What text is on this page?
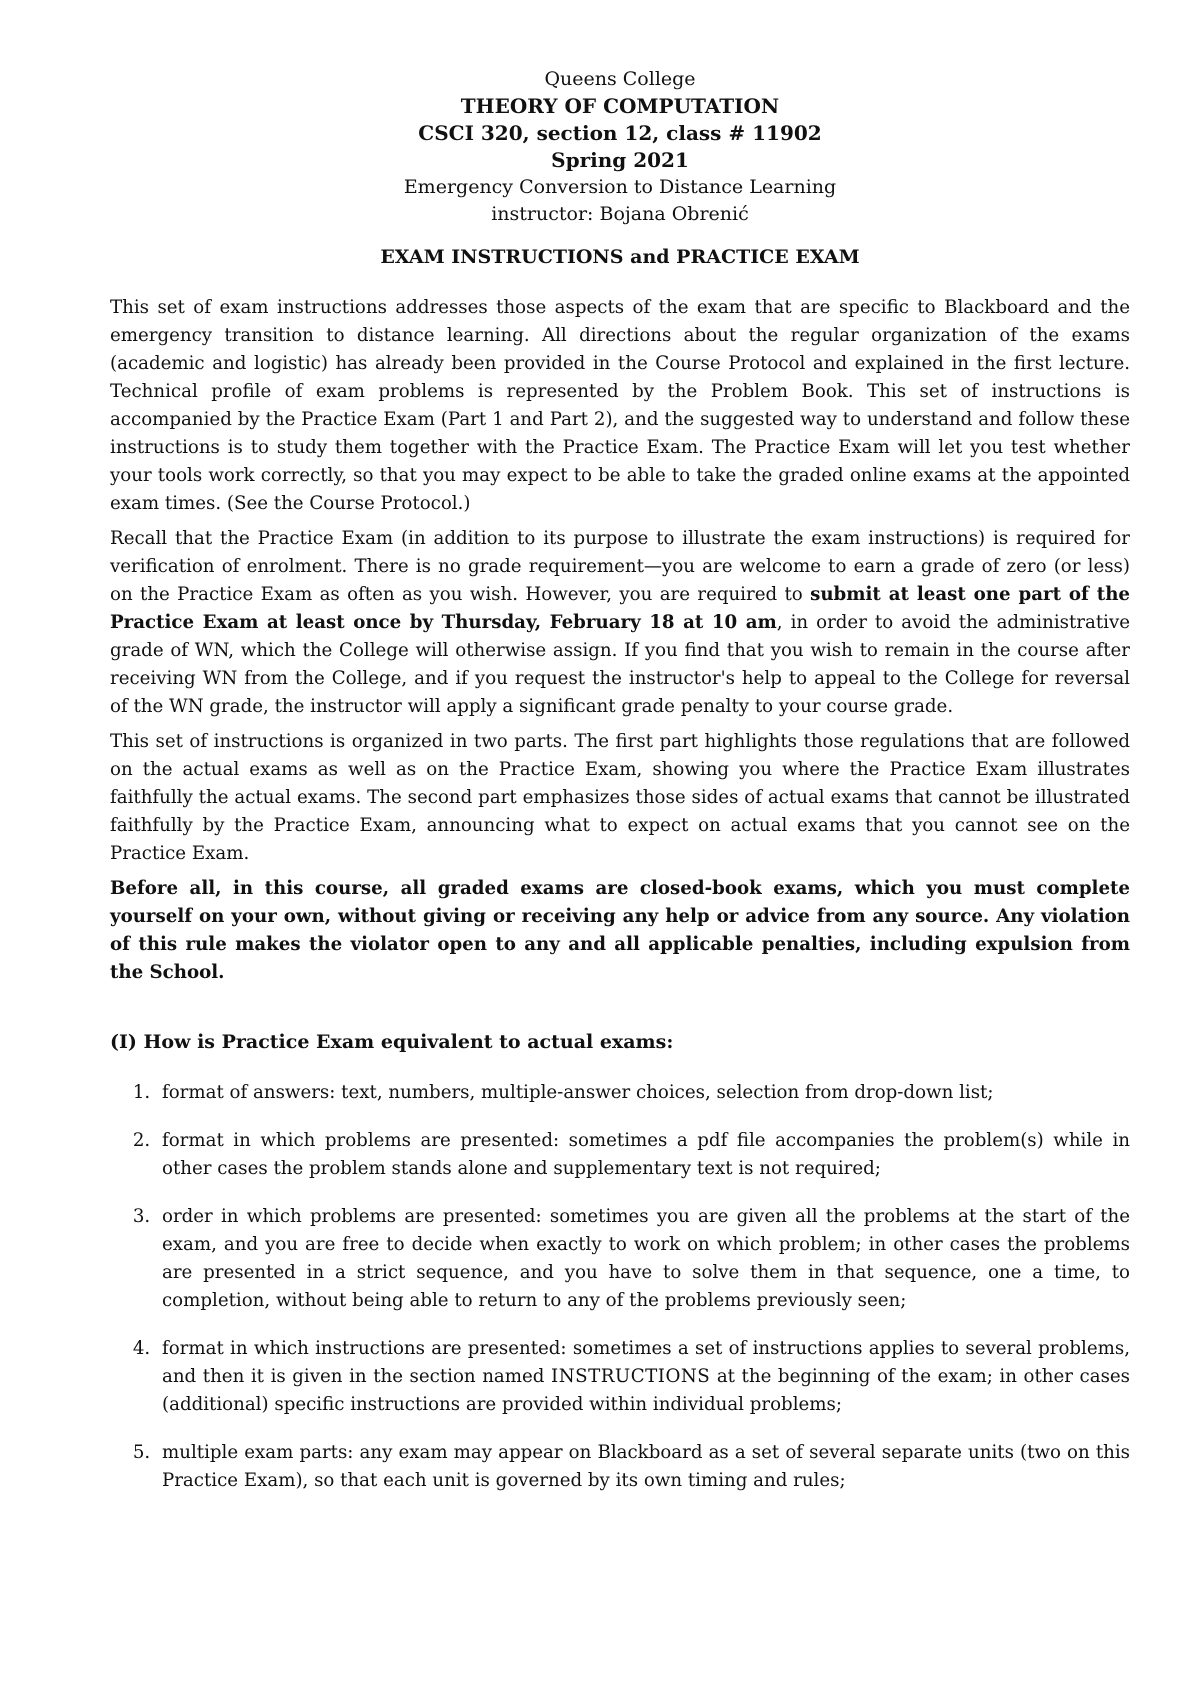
Queens College
THEORY OF COMPUTATION
CSCI 320, section 12, class # 11902
Spring 2021
Emergency Conversion to Distance Learning
instructor: Bojana Obrenić
EXAM INSTRUCTIONS and PRACTICE EXAM

This set of exam instructions addresses those aspects of the exam that are specific to Blackboard and the emergency transition to distance learning. All directions about the regular organization of the exams (academic and logistic) has already been provided in the Course Protocol and explained in the first lecture. Technical profile of exam problems is represented by the Problem Book. This set of instructions is accompanied by the Practice Exam (Part 1 and Part 2), and the suggested way to understand and follow these instructions is to study them together with the Practice Exam. The Practice Exam will let you test whether your tools work correctly, so that you may expect to be able to take the graded online exams at the appointed exam times. (See the Course Protocol.)

Recall that the Practice Exam (in addition to its purpose to illustrate the exam instructions) is required for verification of enrolment. There is no grade requirement—you are welcome to earn a grade of zero (or less) on the Practice Exam as often as you wish. However, you are required to submit at least one part of the Practice Exam at least once by Thursday, February 18 at 10 am, in order to avoid the administrative grade of WN, which the College will otherwise assign. If you find that you wish to remain in the course after receiving WN from the College, and if you request the instructor's help to appeal to the College for reversal of the WN grade, the instructor will apply a significant grade penalty to your course grade.

This set of instructions is organized in two parts. The first part highlights those regulations that are followed on the actual exams as well as on the Practice Exam, showing you where the Practice Exam illustrates faithfully the actual exams. The second part emphasizes those sides of actual exams that cannot be illustrated faithfully by the Practice Exam, announcing what to expect on actual exams that you cannot see on the Practice Exam.

Before all, in this course, all graded exams are closed-book exams, which you must complete yourself on your own, without giving or receiving any help or advice from any source. Any violation of this rule makes the violator open to any and all applicable penalties, including expulsion from the School.

(I) How is Practice Exam equivalent to actual exams:
1. format of answers: text, numbers, multiple-answer choices, selection from drop-down list;
2. format in which problems are presented: sometimes a pdf file accompanies the problem(s) while in other cases the problem stands alone and supplementary text is not required;
3. order in which problems are presented: sometimes you are given all the problems at the start of the exam, and you are free to decide when exactly to work on which problem; in other cases the problems are presented in a strict sequence, and you have to solve them in that sequence, one a time, to completion, without being able to return to any of the problems previously seen;
4. format in which instructions are presented: sometimes a set of instructions applies to several problems, and then it is given in the section named INSTRUCTIONS at the beginning of the exam; in other cases (additional) specific instructions are provided within individual problems;
5. multiple exam parts: any exam may appear on Blackboard as a set of several separate units (two on this Practice Exam), so that each unit is governed by its own timing and rules;
